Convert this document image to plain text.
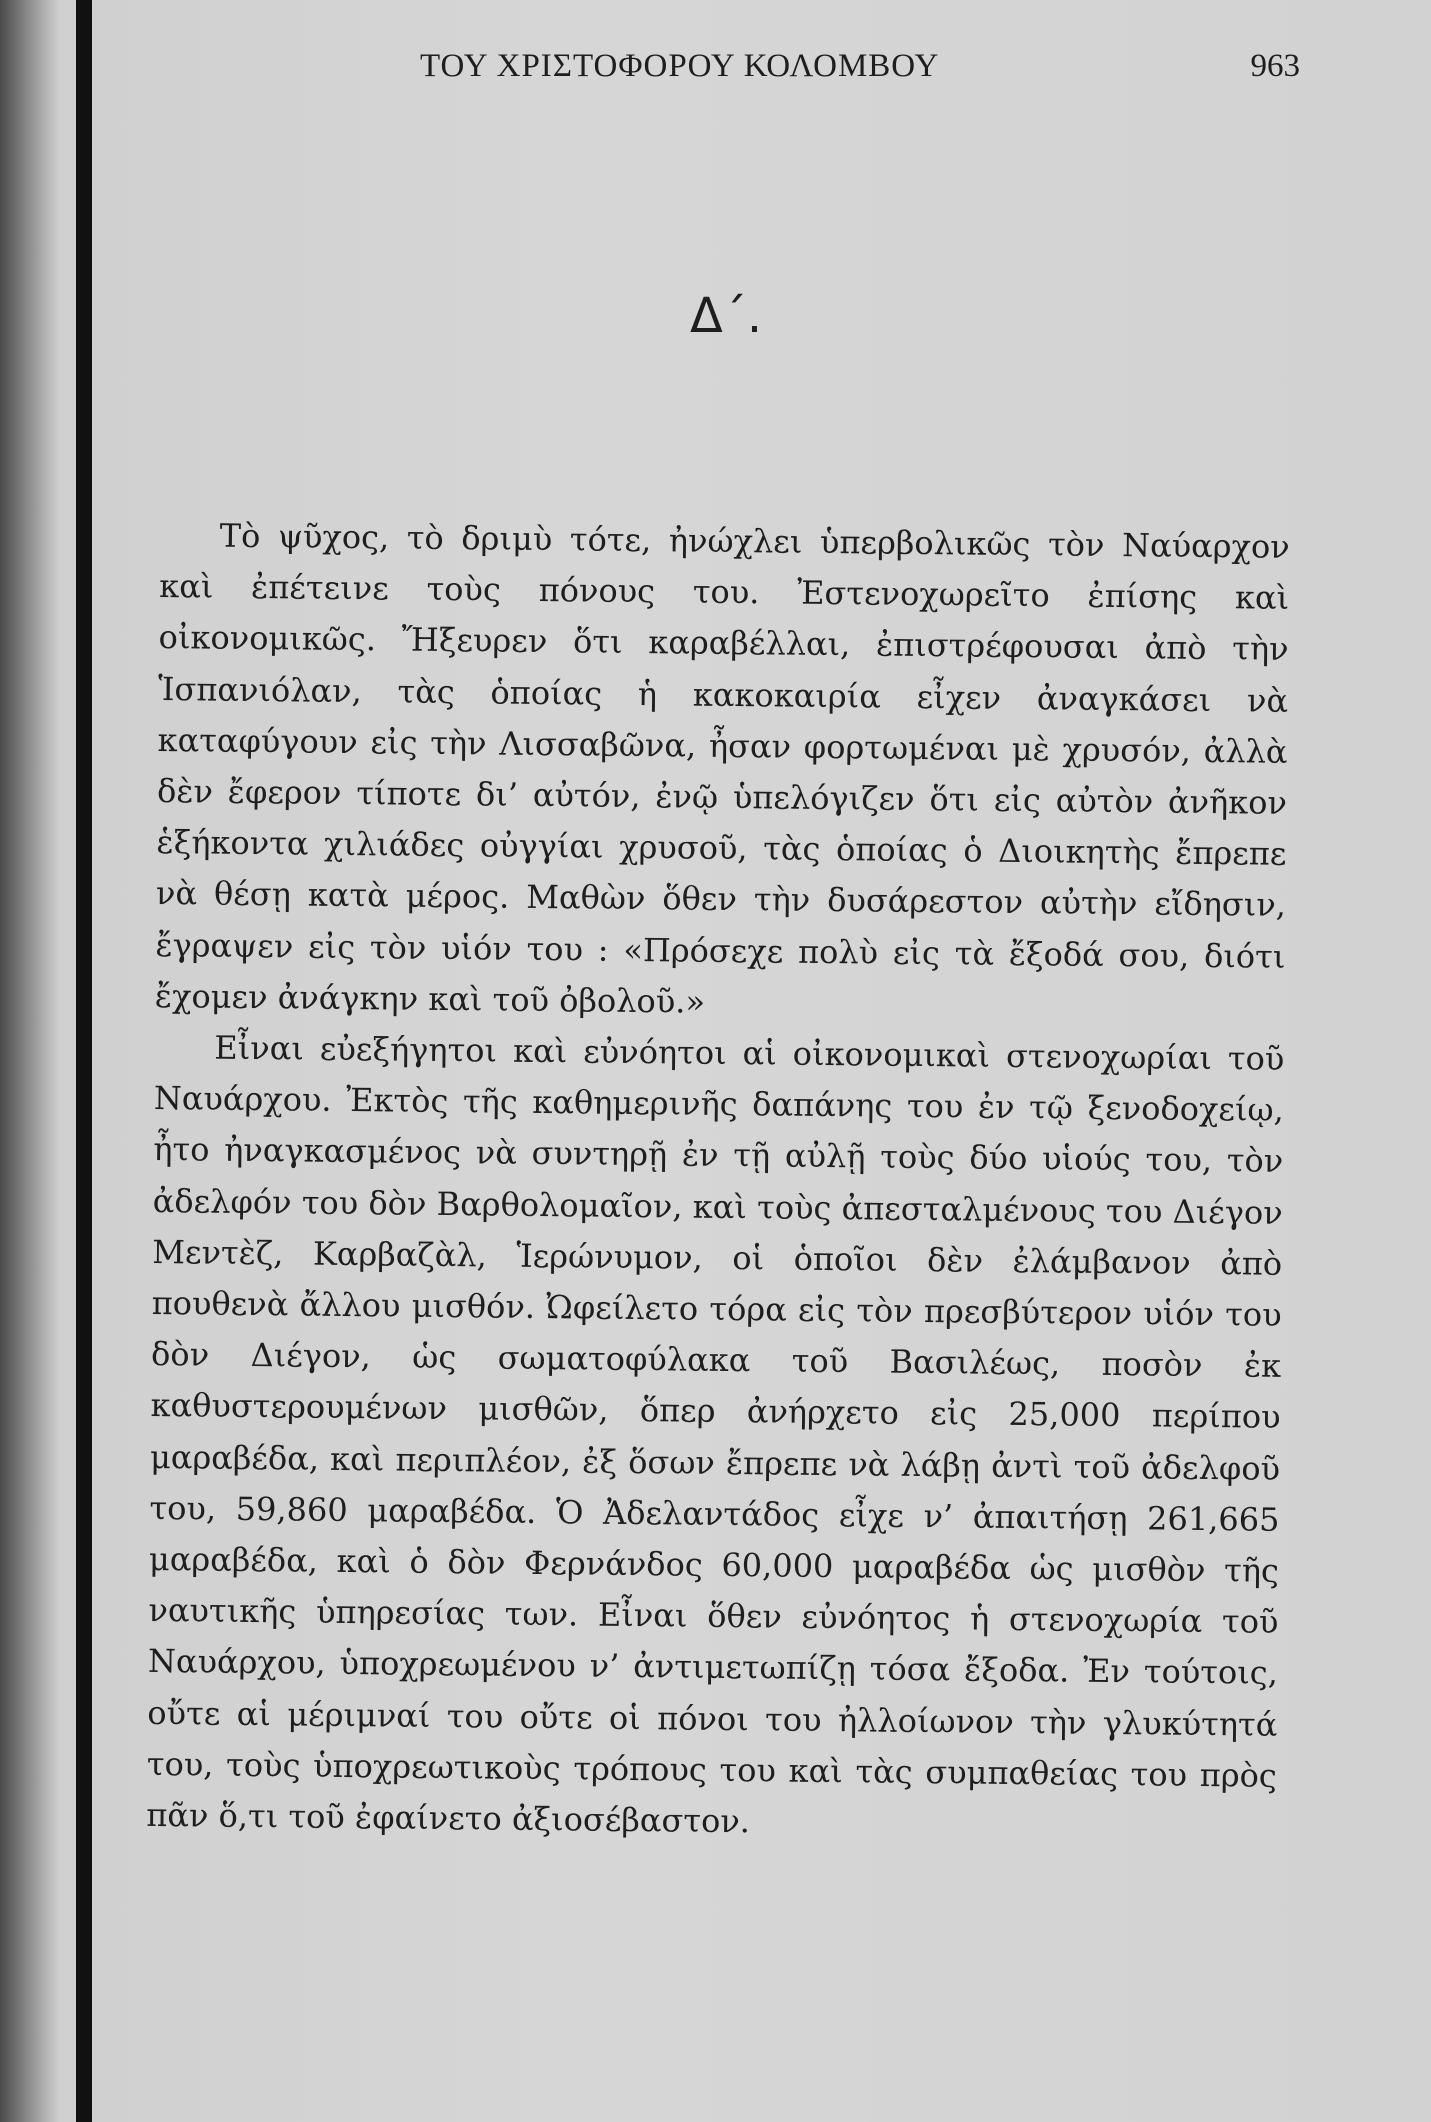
ΤΟΥ ΧΡΙΣΤΟΦΟΡΟΥ ΚΟΛΟΜΒΟΥ	963
Δ΄.

Τὸ ψῦχος, τὸ δριμὺ τότε, ἠνώχλει ὑπερβολικῶς τὸν Ναύαρχον καὶ ἐπέτεινε τοὺς πόνους του. Ἐστενοχωρεῖτο ἐπίσης καὶ οἰκονομικῶς. Ἤξευρεν ὅτι καραβέλλαι, ἐπιστρέφουσαι ἀπὸ τὴν Ἱσπανιόλαν, τὰς ὁποίας ἡ κακοκαιρία εἶχεν ἀναγκάσει νὰ καταφύγουν εἰς τὴν Λισσαβῶνα, ἦσαν φορτωμέναι μὲ χρυσόν, ἀλλὰ δὲν ἔφερον τίποτε δι’ αὐτόν, ἐνῷ ὑπελόγιζεν ὅτι εἰς αὐτὸν ἀνῆκον ἑξήκοντα χιλιάδες οὐγγίαι χρυσοῦ, τὰς ὁποίας ὁ Διοικητὴς ἔπρεπε νὰ θέσῃ κατὰ μέρος. Μαθὼν ὅθεν τὴν δυσάρεστον αὐτὴν εἴδησιν, ἔγραψεν εἰς τὸν υἱόν του : «Πρόσεχε πολὺ εἰς τὰ ἔξοδά σου, διότι ἔχομεν ἀνάγκην καὶ τοῦ ὀβολοῦ.»

Εἶναι εὐεξήγητοι καὶ εὐνόητοι αἱ οἰκονομικαὶ στενοχωρίαι τοῦ Ναυάρχου. Ἐκτὸς τῆς καθημερινῆς δαπάνης του ἐν τῷ ξενοδοχείῳ, ἦτο ἠναγκασμένος νὰ συντηρῇ ἐν τῇ αὐλῇ τοὺς δύο υἱούς του, τὸν ἀδελφόν του δὸν Βαρθολομαῖον, καὶ τοὺς ἀπεσταλμένους του Διέγον Μεντὲζ, Καρβαζὰλ, Ἱερώνυμον, οἱ ὁποῖοι δὲν ἐλάμβανον ἀπὸ πουθενὰ ἄλλου μισθόν. Ὠφείλετο τόρα εἰς τὸν πρεσβύτερον υἱόν του δὸν Διέγον, ὡς σωματοφύλακα τοῦ Βασιλέως, ποσὸν ἐκ καθυστερουμένων μισθῶν, ὅπερ ἀνήρχετο εἰς 25,000 περίπου μαραβέδα, καὶ περιπλέον, ἐξ ὅσων ἔπρεπε νὰ λάβῃ ἀντὶ τοῦ ἀδελφοῦ του, 59,860 μαραβέδα. Ὁ Ἀδελαντάδος εἶχε ν’ ἀπαιτήσῃ 261,665 μαραβέδα, καὶ ὁ δὸν Φερνάνδος 60,000 μαραβέδα ὡς μισθὸν τῆς ναυτικῆς ὑπηρεσίας των. Εἶναι ὅθεν εὐνόητος ἡ στενοχωρία τοῦ Ναυάρχου, ὑποχρεωμένου ν’ ἀντιμετωπίζῃ τόσα ἔξοδα. Ἐν τούτοις, οὔτε αἱ μέριμναί του οὔτε οἱ πόνοι του ἠλλοίωνον τὴν γλυκύτητά του, τοὺς ὑποχρεωτικοὺς τρόπους του καὶ τὰς συμπαθείας του πρὸς πᾶν ὅ,τι τοῦ ἐφαίνετο ἀξιοσέβαστον.
